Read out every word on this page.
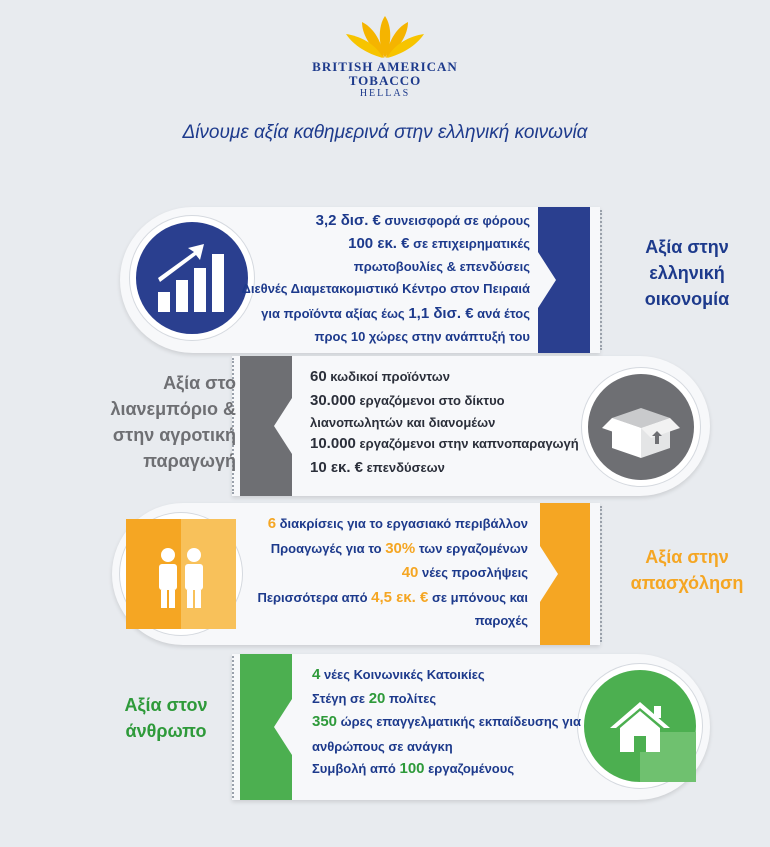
BRITISH AMERICAN
TOBACCO
HELLAS
Δίνουμε αξία καθημερινά στην ελληνική κοινωνία
3,2 δισ. € συνεισφορά σε φόρους
100 εκ. € σε επιχειρηματικές
πρωτοβουλίες & επενδύσεις
Διεθνές Διαμετακομιστικό Κέντρο στον Πειραιά
για προϊόντα αξίας έως 1,1 δισ. € ανά έτος
προς 10 χώρες στην ανάπτυξή του
Αξία στην
ελληνική
οικονομία
60 κωδικοί προϊόντων
30.000 εργαζόμενοι στο δίκτυο
λιανοπωλητών και διανομέων
10.000 εργαζόμενοι στην καπνοπαραγωγή
10 εκ. € επενδύσεων
Αξία στο
λιανεμπόριο &
στην αγροτική
παραγωγή
6 διακρίσεις για το εργασιακό περιβάλλον
Προαγωγές για το 30% των εργαζομένων
40 νέες προσλήψεις
Περισσότερα από 4,5 εκ. € σε μπόνους και
παροχές
Αξία στην
απασχόληση
4 νέες Κοινωνικές Κατοικίες
Στέγη σε 20 πολίτες
350 ώρες επαγγελματικής εκπαίδευσης για
ανθρώπους σε ανάγκη
Συμβολή από 100 εργαζομένους
Αξία στον
άνθρωπο
